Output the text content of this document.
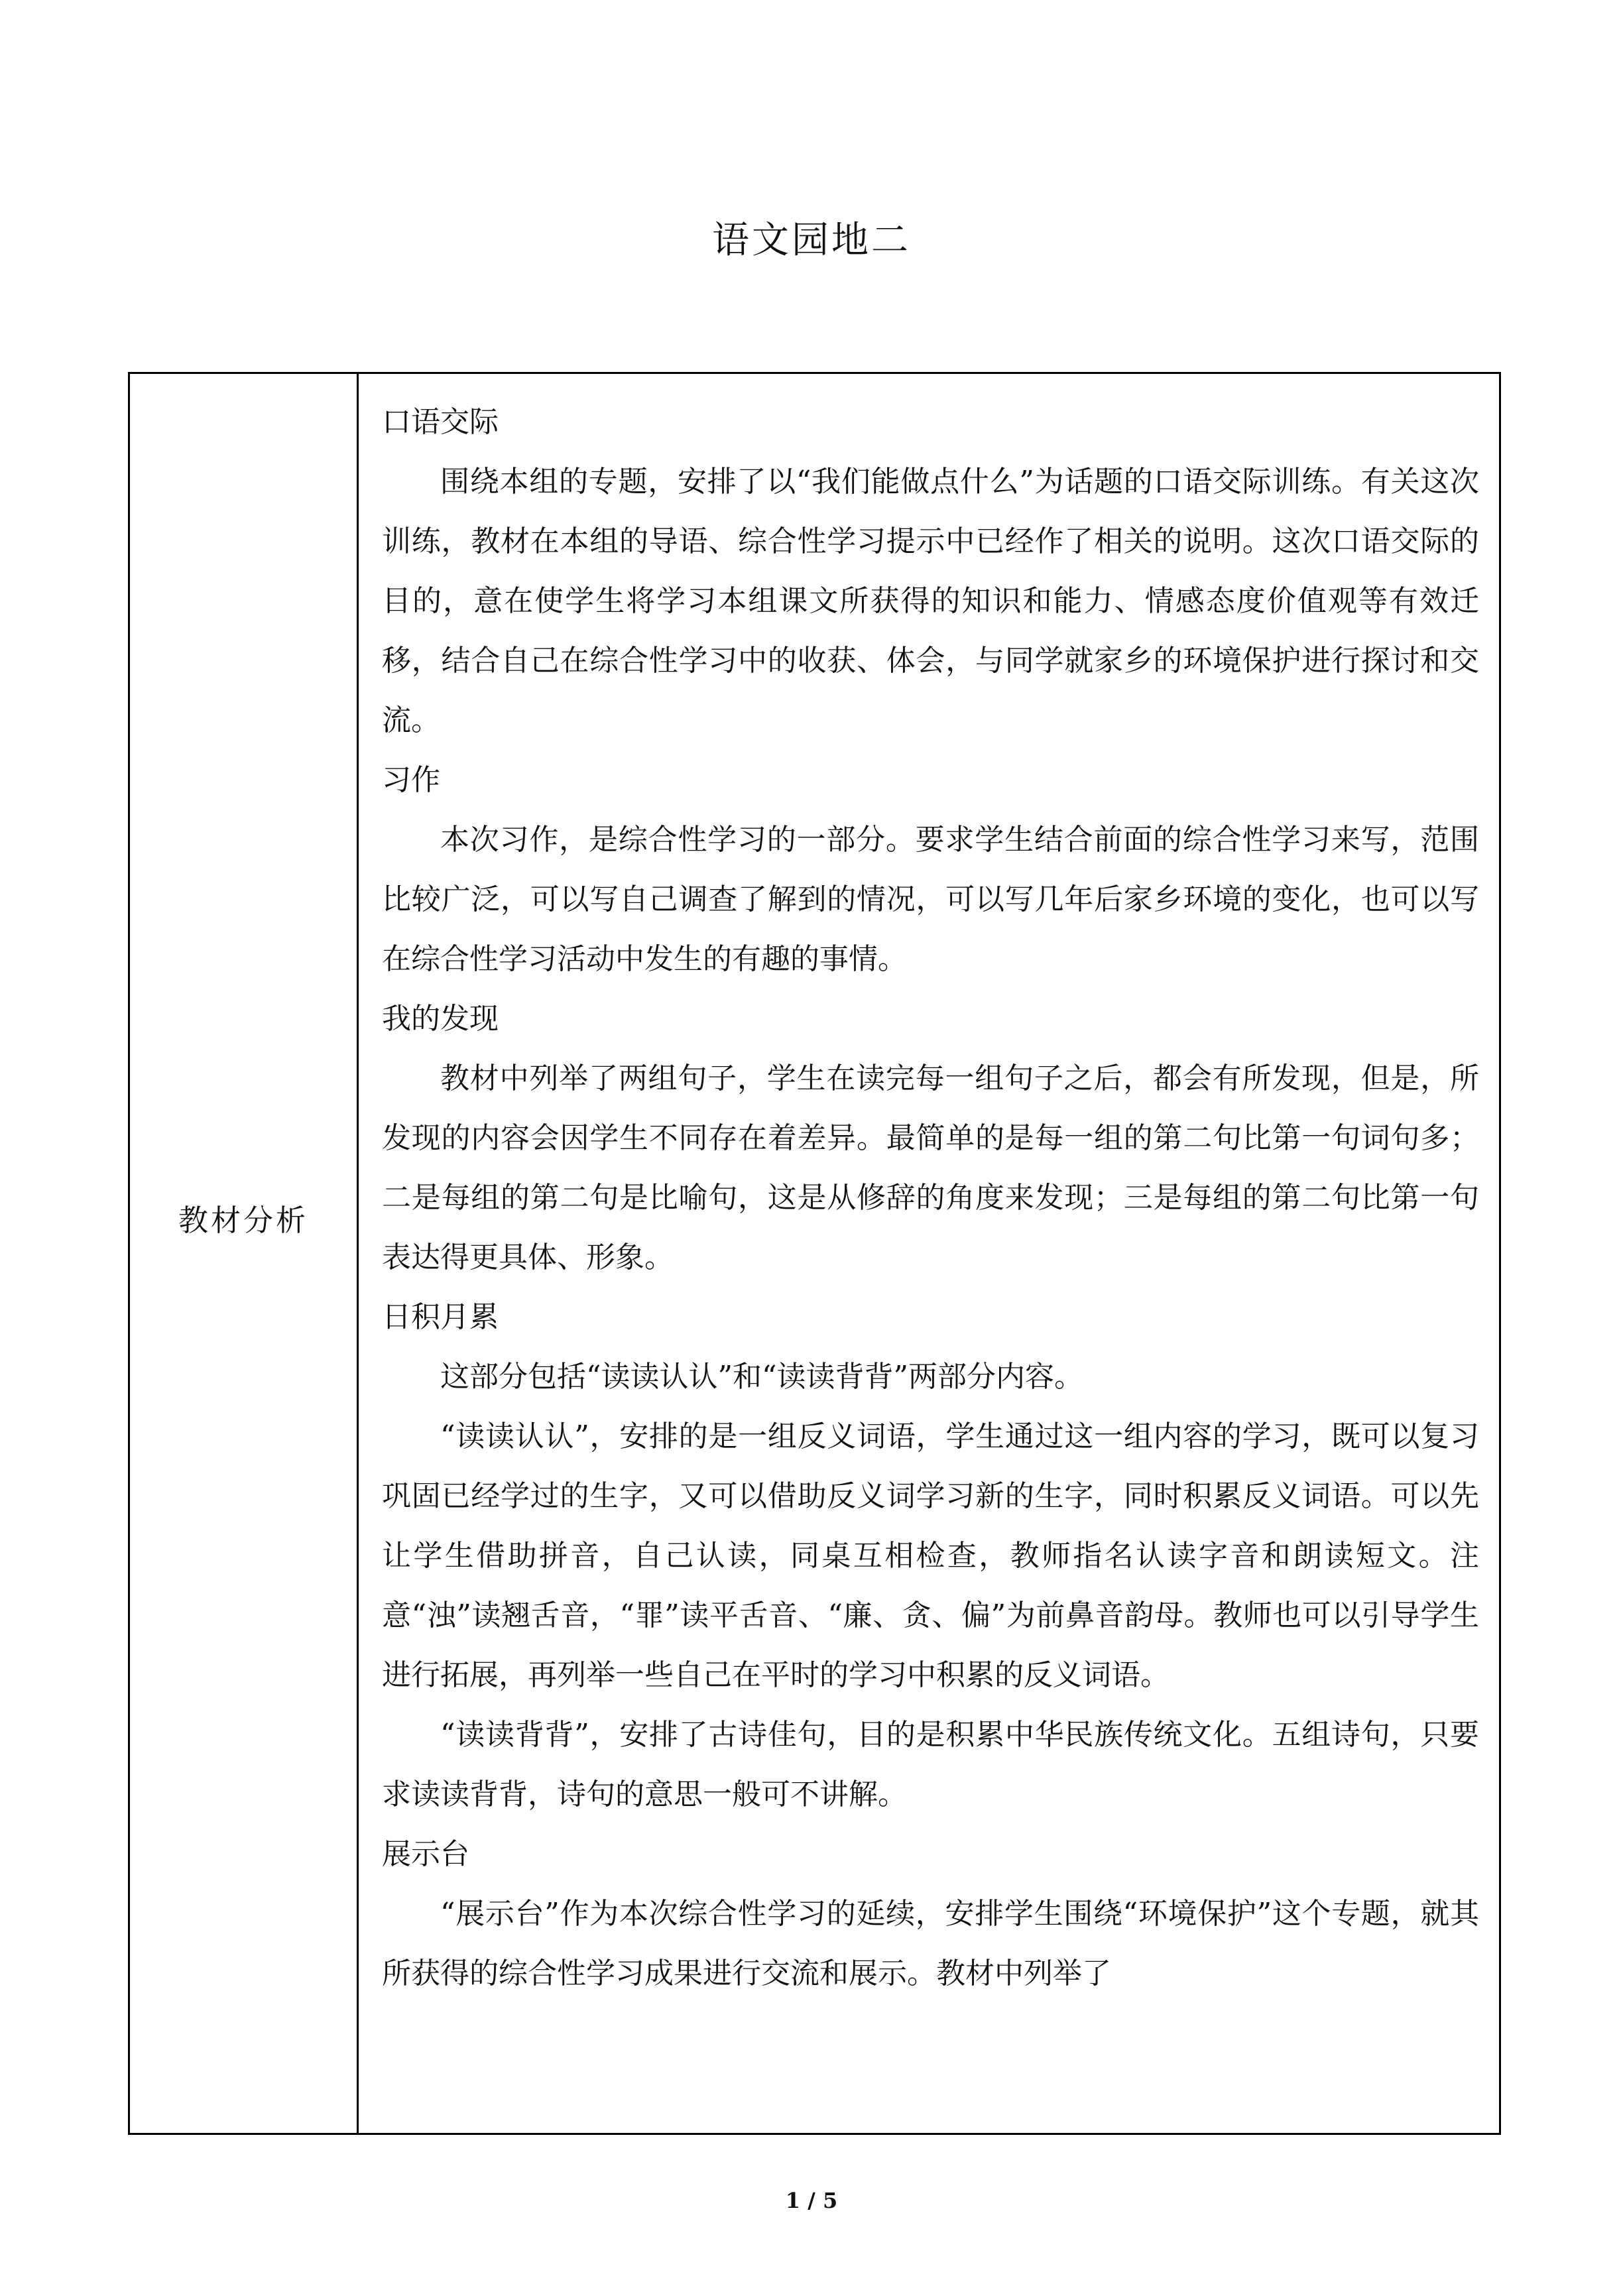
语文园地二
教材分析

口语交际

围绕本组的专题，安排了以“我们能做点什么”为话题的口语交际训练。有关这次训练，教材在本组的导语、综合性学习提示中已经作了相关的说明。这次口语交际的目的，意在使学生将学习本组课文所获得的知识和能力、情感态度价值观等有效迁移，结合自己在综合性学习中的收获、体会，与同学就家乡的环境保护进行探讨和交流。

习作

本次习作，是综合性学习的一部分。要求学生结合前面的综合性学习来写，范围比较广泛，可以写自己调查了解到的情况，可以写几年后家乡环境的变化，也可以写在综合性学习活动中发生的有趣的事情。

我的发现

教材中列举了两组句子，学生在读完每一组句子之后，都会有所发现，但是，所发现的内容会因学生不同存在着差异。最简单的是每一组的第二句比第一句词句多；二是每组的第二句是比喻句，这是从修辞的角度来发现；三是每组的第二句比第一句表达得更具体、形象。

日积月累

这部分包括“读读认认”和“读读背背”两部分内容。

“读读认认”，安排的是一组反义词语，学生通过这一组内容的学习，既可以复习巩固已经学过的生字，又可以借助反义词学习新的生字，同时积累反义词语。可以先让学生借助拼音，自己认读，同桌互相检查，教师指名认读字音和朗读短文。注意“浊”读翘舌音，“罪”读平舌音、“廉、贪、偏”为前鼻音韵母。教师也可以引导学生进行拓展，再列举一些自己在平时的学习中积累的反义词语。

“读读背背”，安排了古诗佳句，目的是积累中华民族传统文化。五组诗句，只要求读读背背，诗句的意思一般可不讲解。

展示台

“展示台”作为本次综合性学习的延续，安排学生围绕“环境保护”这个专题，就其所获得的综合性学习成果进行交流和展示。教材中列举了

1 / 5
